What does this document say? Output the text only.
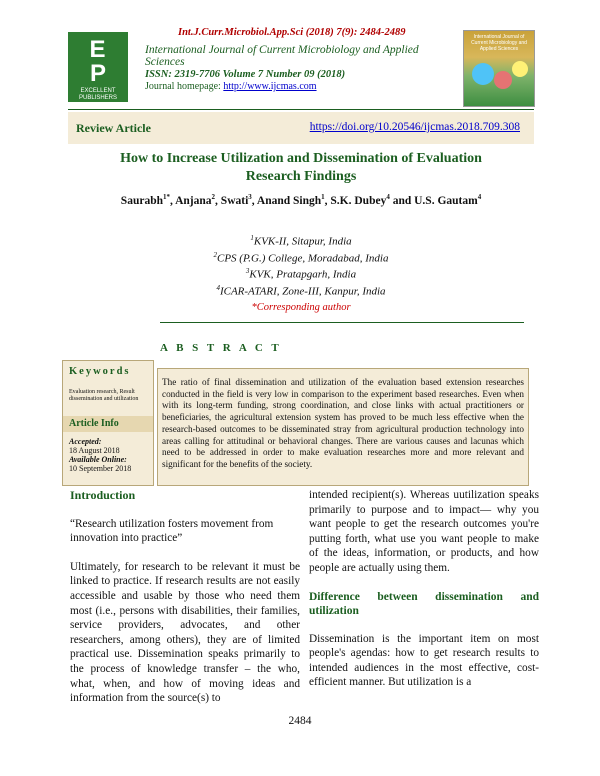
Int.J.Curr.Microbiol.App.Sci (2018) 7(9): 2484-2489
E
P
EXCELLENT PUBLISHERS
International Journal of Current Microbiology and Applied Sciences
ISSN: 2319-7706 Volume 7 Number 09 (2018)
Journal homepage: http://www.ijcmas.com
International Journal of Current Microbiology and Applied Sciences
Review Article	https://doi.org/10.20546/ijcmas.2018.709.308
How to Increase Utilization and Dissemination of Evaluation
Research Findings
Saurabh$^{1*}$, Anjana$^2$, Swati$^3$, Anand Singh$^1$, S.K. Dubey$^4$ and U.S. Gautam$^4$
$^1$KVK-II, Sitapur, India
$^2$CPS (P.G.) College, Moradabad, India
$^3$KVK, Pratapgarh, India
$^4$ICAR-ATARI, Zone-III, Kanpur, India
*Corresponding author
A B S T R A C T
Keywords
Evaluation research, Result dissemination and utilization
Article Info
Accepted:
18 August 2018
Available Online:
10 September 2018
The ratio of final dissemination and utilization of the evaluation based extension researches conducted in the field is very low in comparison to the experiment based researches. Even when with its long-term funding, strong coordination, and close links with actual practitioners or beneficiaries, the agricultural extension system has proved to be much less effective when the research-based outcomes to be disseminated stray from agricultural production technology into areas calling for attitudinal or behavioral changes. There are various causes and lacunas which need to be addressed in order to make evaluation researches more and more relevant and significant for the benefits of the society.
Introduction

“Research utilization fosters movement from innovation into practice”

Ultimately, for research to be relevant it must be linked to practice. If research results are not easily accessible and usable by those who need them most (i.e., persons with disabilities, their families, service providers, advocates, and other researchers, among others), they are of limited practical use. Dissemination speaks primarily to the process of knowledge transfer – the who, what, when, and how of moving ideas and information from the source(s) to

intended recipient(s). Whereas uutilization speaks primarily to purpose and to impact— why you want people to get the research outcomes you're putting forth, what use you want people to make of the ideas, information, or products, and how people are actually using them.

Difference between dissemination and utilization

Dissemination is the important item on most people's agendas: how to get research results to intended audiences in the most effective, cost-efficient manner. But utilization is a

2484
